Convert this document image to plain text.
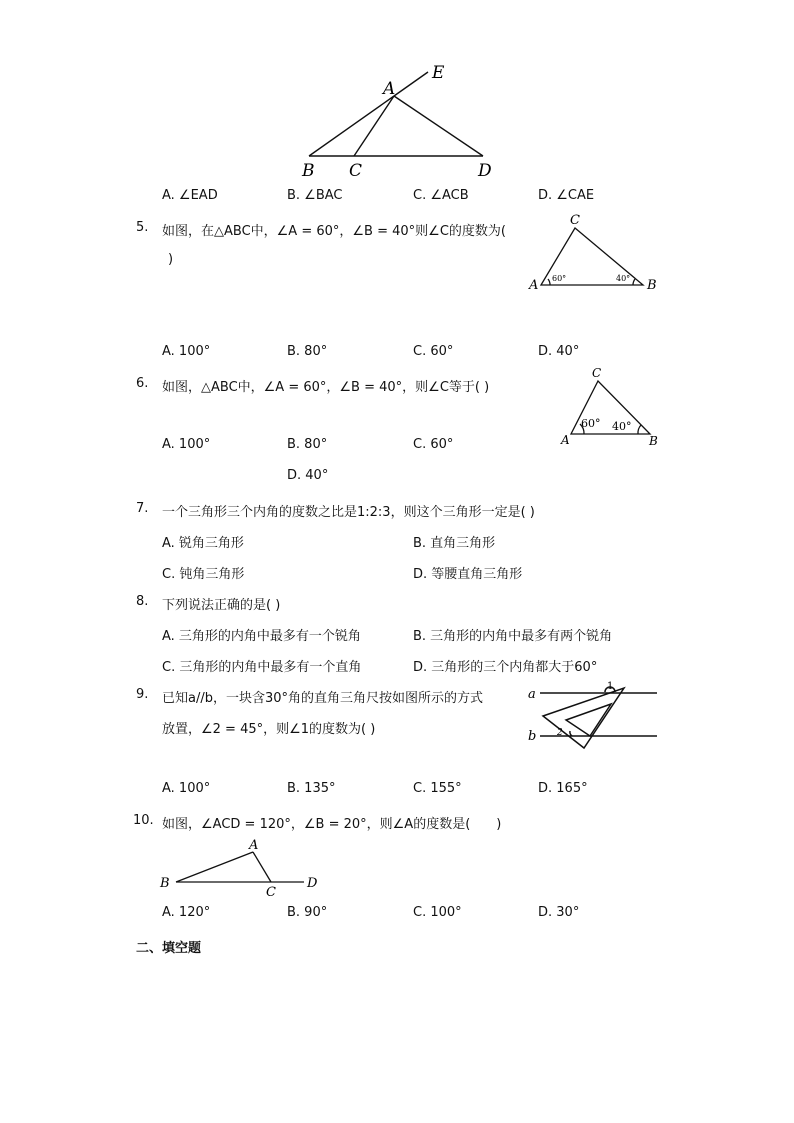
A
E
B C	D
A. ∠EAD	B. ∠BAC	C. ∠ACB	D. ∠CAE
5. 如图，在△ABC中，∠A = 60°，∠B = 40°则∠C的度数为(
)
C
A	B
60°	40°
A. 100°	B. 80°	C. 60°	D. 40°
6. 如图，△ABC中，∠A = 60°，∠B = 40°，则∠C等于( )
C
A	B
60° 40°
A. 100°	B. 80°	C. 60°
D. 40°
7. 一个三角形三个内角的度数之比是1:2:3，则这个三角形一定是( )
A. 锐角三角形	B. 直角三角形
C. 钝角三角形	D. 等腰直角三角形
8. 下列说法正确的是( )
A. 三角形的内角中最多有一个锐角	B. 三角形的内角中最多有两个锐角
C. 三角形的内角中最多有一个直角	D. 三角形的三个内角都大于60°
9. 已知a//b，一块含30°角的直角三角尺按如图所示的方式
放置，∠2 = 45°，则∠1的度数为( )
a
b
1
2
A. 100°	B. 135°	C. 155°	D. 165°
10. 如图，∠ACD = 120°，∠B = 20°，则∠A的度数是(　　)
A
B
C
D
A. 120°	B. 90°	C. 100°	D. 30°
二、填空题
